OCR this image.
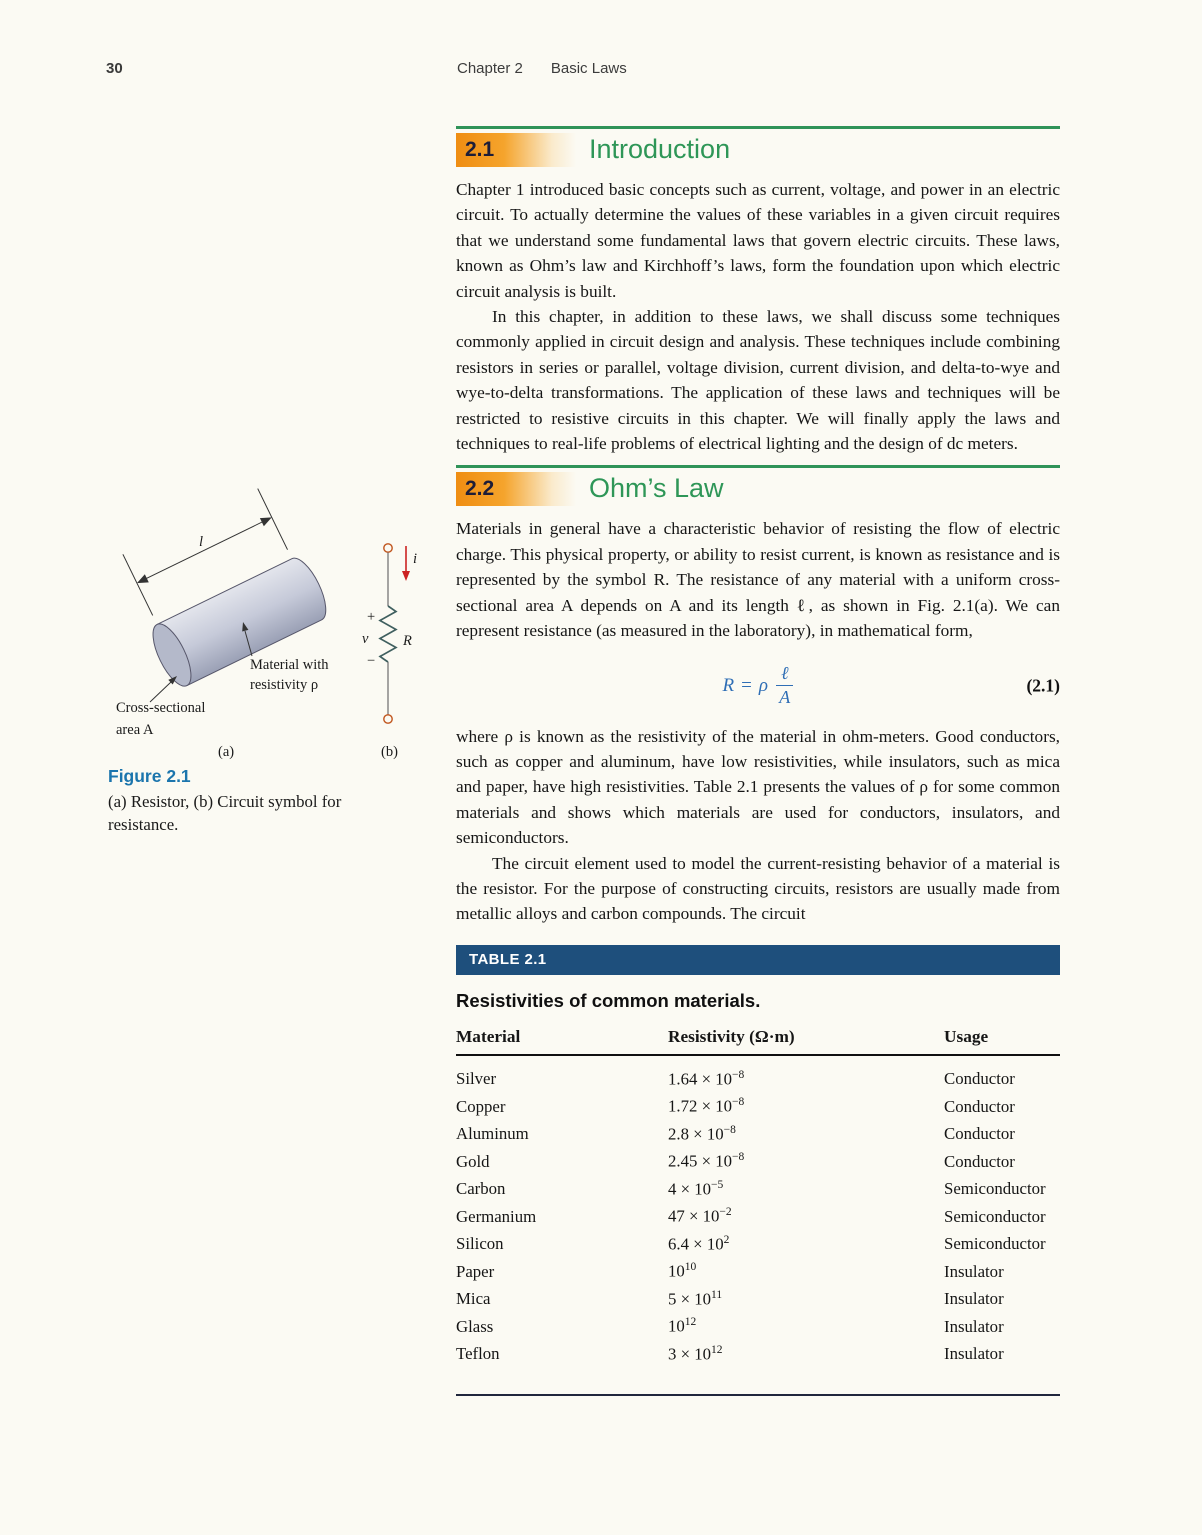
30	Chapter 2 Basic Laws
l
Material with
resistivity ρ
Cross-sectional
area A
(a)
i
+
v
−
R
(b)
Figure 2.1
(a) Resistor, (b) Circuit symbol for resistance.
2.1	Introduction

Chapter 1 introduced basic concepts such as current, voltage, and power in an electric circuit. To actually determine the values of these variables in a given circuit requires that we understand some fundamental laws that govern electric circuits. These laws, known as Ohm’s law and Kirchhoff’s laws, form the foundation upon which electric circuit analysis is built.

In this chapter, in addition to these laws, we shall discuss some techniques commonly applied in circuit design and analysis. These techniques include combining resistors in series or parallel, voltage division, current division, and delta-to-wye and wye-to-delta transformations. The application of these laws and techniques will be restricted to resistive circuits in this chapter. We will finally apply the laws and techniques to real-life problems of electrical lighting and the design of dc meters.

2.2	Ohm’s Law

Materials in general have a characteristic behavior of resisting the flow of electric charge. This physical property, or ability to resist current, is known as resistance and is represented by the symbol R. The resistance of any material with a uniform cross-sectional area A depends on A and its length ℓ, as shown in Fig. 2.1(a). We can represent resistance (as measured in the laboratory), in mathematical form,

R = ρ $\frac{\text{ℓ}}{A}$	(2.1)

where ρ is known as the resistivity of the material in ohm-meters. Good conductors, such as copper and aluminum, have low resistivities, while insulators, such as mica and paper, have high resistivities. Table 2.1 presents the values of ρ for some common materials and shows which materials are used for conductors, insulators, and semiconductors.

The circuit element used to model the current-resisting behavior of a material is the resistor. For the purpose of constructing circuits, resistors are usually made from metallic alloys and carbon compounds. The circuit

TABLE 2.1
Resistivities of common materials.
Material	Resistivity (Ω·m)	Usage
Silver	$1.64 \times 10^{-8}$	Conductor
Copper	$1.72 \times 10^{-8}$	Conductor
Aluminum	$2.8 \times 10^{-8}$	Conductor
Gold	$2.45 \times 10^{-8}$	Conductor
Carbon	$4 \times 10^{-5}$	Semiconductor
Germanium	$47 \times 10^{-2}$	Semiconductor
Silicon	$6.4 \times 10^2$	Semiconductor
Paper	$10^{10}$	Insulator
Mica	$5 \times 10^{11}$	Insulator
Glass	$10^{12}$	Insulator
Teflon	$3 \times 10^{12}$	Insulator
